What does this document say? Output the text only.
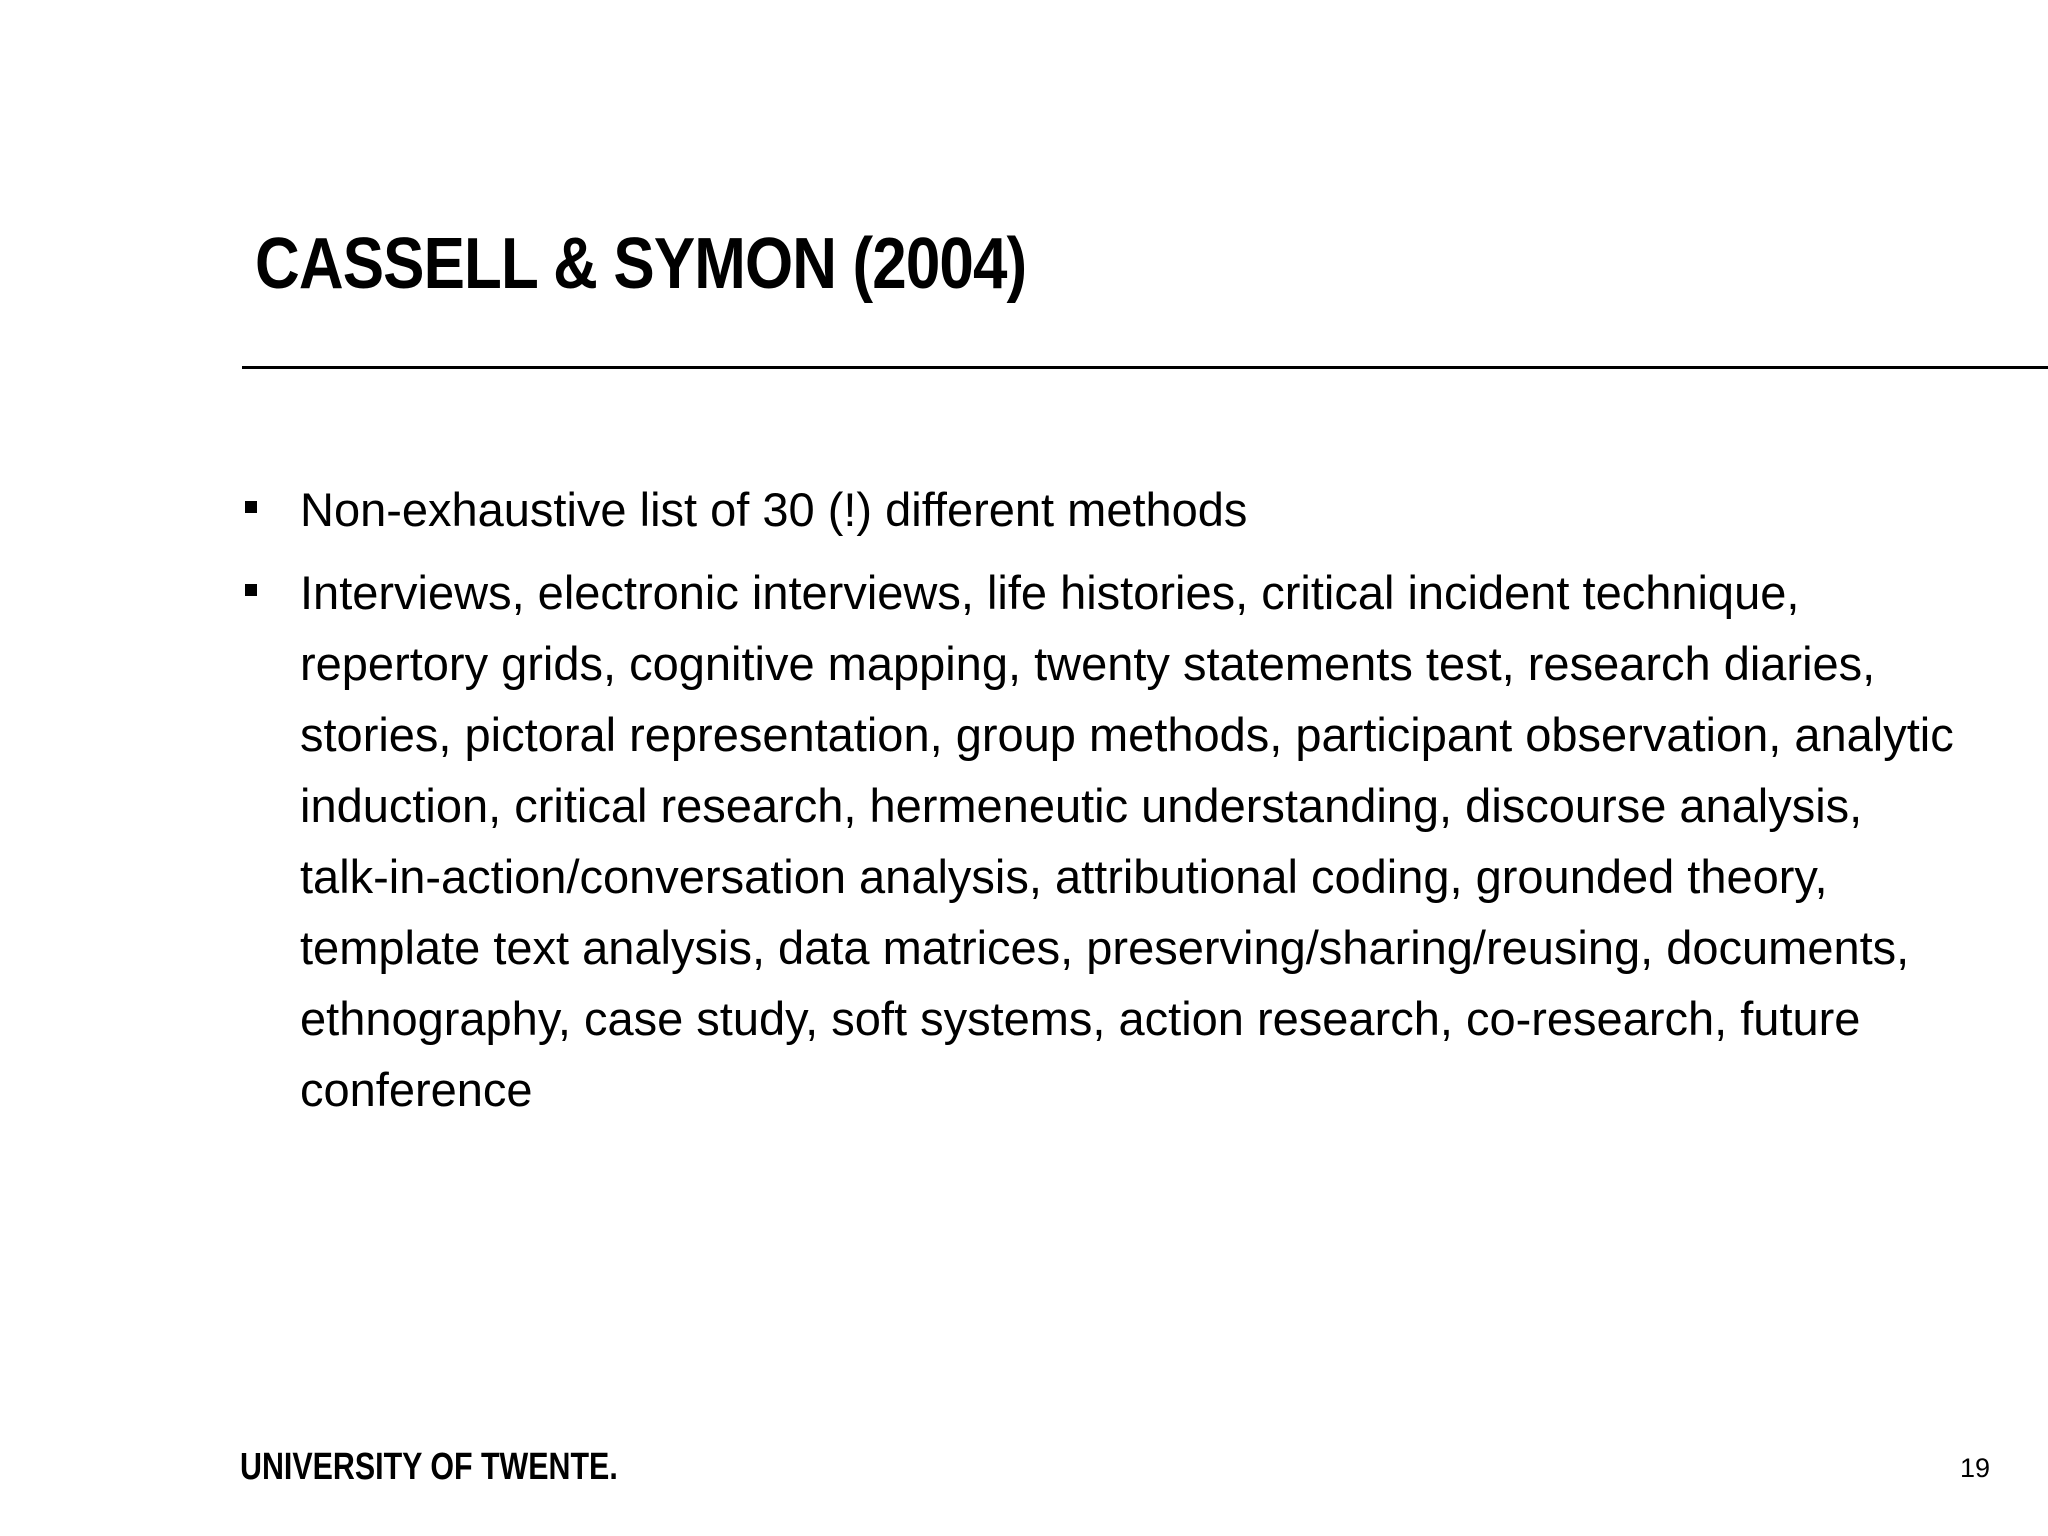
CASSELL & SYMON (2004)
Non-exhaustive list of 30 (!) different methods
Interviews, electronic interviews, life histories, critical incident technique, repertory grids, cognitive mapping, twenty statements test, research diaries, stories, pictoral representation, group methods, participant observation, analytic induction, critical research, hermeneutic understanding, discourse analysis, talk-in-action/conversation analysis, attributional coding, grounded theory, template text analysis, data matrices, preserving/sharing/reusing, documents, ethnography, case study, soft systems, action research, co-research, future conference
UNIVERSITY OF TWENTE.	19
